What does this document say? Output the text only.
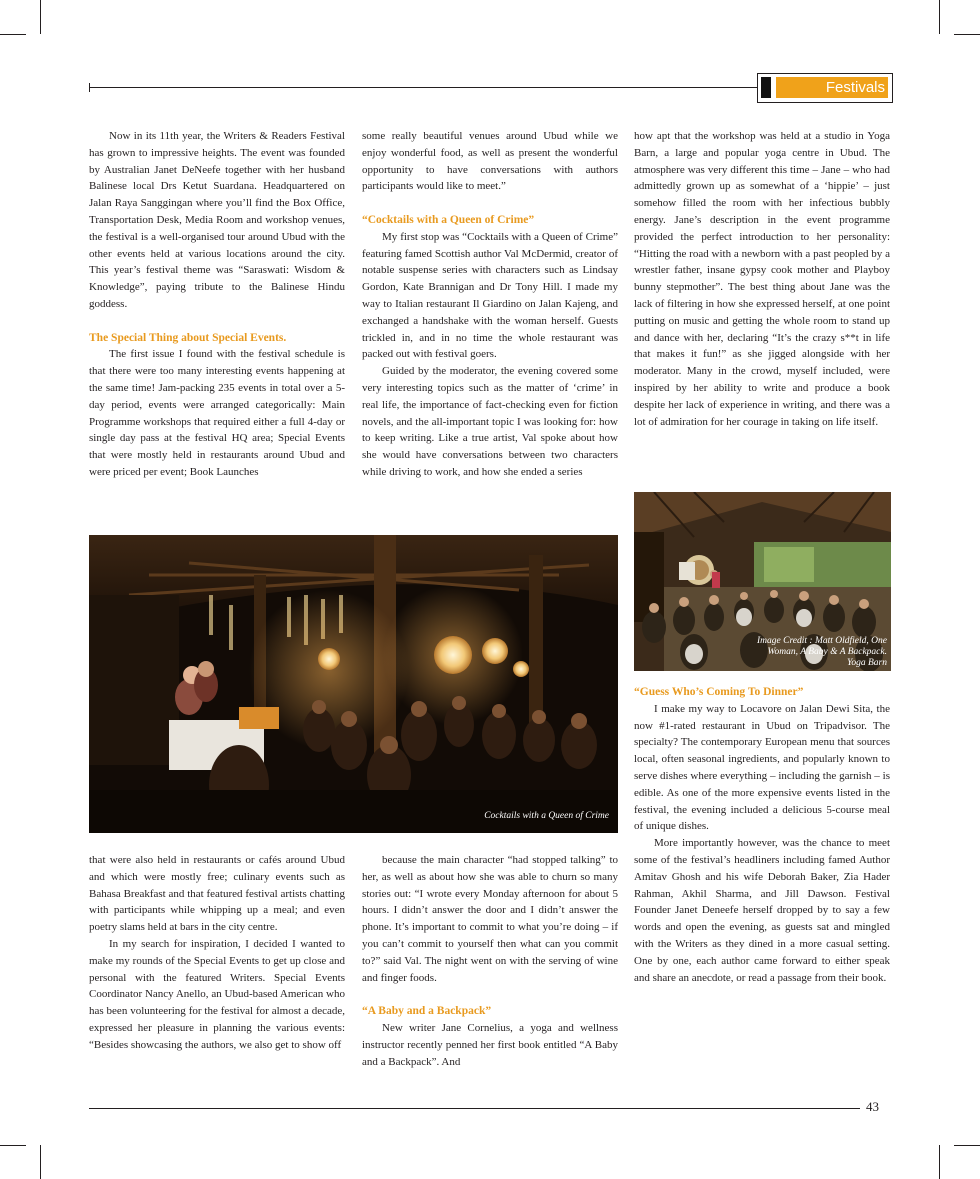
Festivals

Now in its 11th year, the Writers & Readers Festival has grown to impressive heights. The event was founded by Australian Janet DeNeefe together with her husband Balinese local Drs Ketut Suardana. Headquartered on Jalan Raya Sanggingan where you’ll find the Box Office, Transportation Desk, Media Room and workshop venues, the festival is a well-organised tour around Ubud with the other events held at various locations around the city. This year’s festival theme was “Saraswati: Wisdom & Knowledge”, paying tribute to the Balinese Hindu goddess.

The Special Thing about Special Events.

The first issue I found with the festival schedule is that there were too many interesting events happening at the same time! Jam-packing 235 events in total over a 5-day period, events were arranged categorically: Main Programme workshops that required either a full 4-day or single day pass at the festival HQ area; Special Events that were mostly held in restaurants around Ubud and were priced per event; Book Launches

some really beautiful venues around Ubud while we enjoy wonderful food, as well as present the wonderful opportunity to have conversations with authors participants would like to meet.”

“Cocktails with a Queen of Crime”

My first stop was “Cocktails with a Queen of Crime” featuring famed Scottish author Val McDermid, creator of notable suspense series with characters such as Lindsay Gordon, Kate Brannigan and Dr Tony Hill. I made my way to Italian restaurant Il Giardino on Jalan Kajeng, and exchanged a handshake with the woman herself. Guests trickled in, and in no time the whole restaurant was packed out with festival goers.

Guided by the moderator, the evening covered some very interesting topics such as the matter of ‘crime’ in real life, the importance of fact-checking even for fiction novels, and the all-important topic I was looking for: how to keep writing. Like a true artist, Val spoke about how she would have conversations between two characters while driving to work, and how she ended a series

how apt that the workshop was held at a studio in Yoga Barn, a large and popular yoga centre in Ubud. The atmosphere was very different this time – Jane – who had admittedly grown up as somewhat of a ‘hippie’ – just somehow filled the room with her infectious bubbly energy. Jane’s description in the event programme provided the perfect introduction to her personality: “Hitting the road with a newborn with a past peopled by a wrestler father, insane gypsy cook mother and Playboy bunny stepmother”. The best thing about Jane was the lack of filtering in how she expressed herself, at one point putting on music and getting the whole room to stand up and dance with her, declaring “It’s the crazy s**t in life that makes it fun!” as she jigged alongside with her moderator. Many in the crowd, myself included, were inspired by her ability to write and produce a book despite her lack of experience in writing, and there was a lot of admiration for her courage in taking on life itself.

Cocktails with a Queen of Crime
Image Credit : Matt Oldfield, One
Woman, A Baby & A Backpack.
Yoga Barn
“Guess Who’s Coming To Dinner”

I make my way to Locavore on Jalan Dewi Sita, the now #1-rated restaurant in Ubud on Tripadvisor. The specialty? The contemporary European menu that sources local, often seasonal ingredients, and popularly known to serve dishes where everything – including the garnish – is edible. As one of the more expensive events listed in the festival, the evening included a delicious 5-course meal of unique dishes.

More importantly however, was the chance to meet some of the festival’s headliners including famed Author Amitav Ghosh and his wife Deborah Baker, Zia Hader Rahman, Akhil Sharma, and Jill Dawson. Festival Founder Janet Deneefe herself dropped by to say a few words and open the evening, as guests sat and mingled with the Writers as they dined in a more casual setting. One by one, each author came forward to either speak and share an anecdote, or read a passage from their book.

that were also held in restaurants or cafés around Ubud and which were mostly free; culinary events such as Bahasa Breakfast and that featured festival artists chatting with participants while whipping up a meal; and even poetry slams held at bars in the city centre.

In my search for inspiration, I decided I wanted to make my rounds of the Special Events to get up close and personal with the featured Writers. Special Events Coordinator Nancy Anello, an Ubud-based American who has been volunteering for the festival for almost a decade, expressed her pleasure in planning the various events: “Besides showcasing the authors, we also get to show off

because the main character “had stopped talking” to her, as well as about how she was able to churn so many stories out: “I wrote every Monday afternoon for about 5 hours. I didn’t answer the door and I didn’t answer the phone. It’s important to commit to what you’re doing – if you can’t commit to yourself then what can you commit to?” said Val. The night went on with the serving of wine and finger foods.

“A Baby and a Backpack”

New writer Jane Cornelius, a yoga and wellness instructor recently penned her first book entitled “A Baby and a Backpack”. And

43
